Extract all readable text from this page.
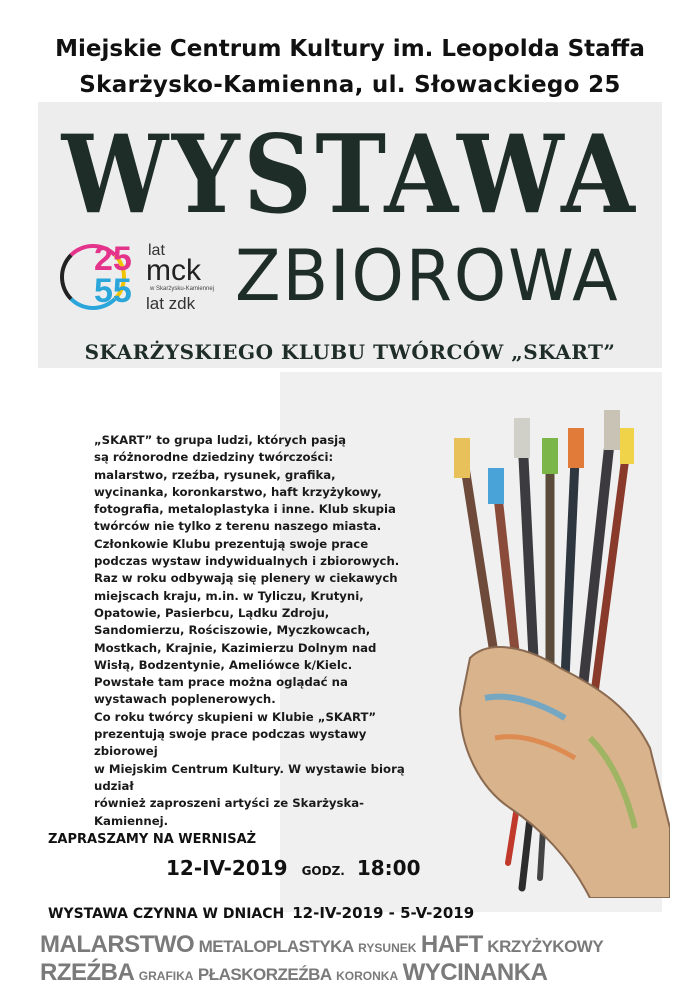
Miejskie Centrum Kultury im. Leopolda Staffa
Skarżysko-Kamienna, ul. Słowackiego 25
WYSTAWA
25
55
lat
mck
w Skarżysku-Kamiennej
lat zdk ZBIOROWA
SKARŻYSKIEGO KLUBU TWÓRCÓW „SKART”

„SKART” to grupa ludzi, których pasją
są różnorodne dziedziny twórczości:
malarstwo, rzeźba, rysunek, grafika,
wycinanka, koronkarstwo, haft krzyżykowy,
fotografia, metaloplastyka i inne. Klub skupia
twórców nie tylko z terenu naszego miasta.
Członkowie Klubu prezentują swoje prace
podczas wystaw indywidualnych i zbiorowych.
Raz w roku odbywają się plenery w ciekawych
miejscach kraju, m.in. w Tyliczu, Krutyni,
Opatowie, Pasierbcu, Lądku Zdroju,
Sandomierzu, Rościszowie, Myczkowcach,
Mostkach, Krajnie, Kazimierzu Dolnym nad
Wisłą, Bodzentynie, Ameliówce k/Kielc.
Powstałe tam prace można oglądać na
wystawach poplenerowych.

Co roku twórcy skupieni w Klubie „SKART”
prezentują swoje prace podczas wystawy zbiorowej
w Miejskim Centrum Kultury. W wystawie biorą udział
również zaproszeni artyści ze Skarżyska-Kamiennej.

ZAPRASZAMY NA WERNISAŻ
12-IV-2019 GODZ. 18:00
WYSTAWA CZYNNA W DNIACH 12-IV-2019 - 5-V-2019
MALARSTWO METALOPLASTYKA RYSUNEK HAFT KRZYŻYKOWY
RZEŹBA GRAFIKA PŁASKORZEŹBA KORONKA WYCINANKA
